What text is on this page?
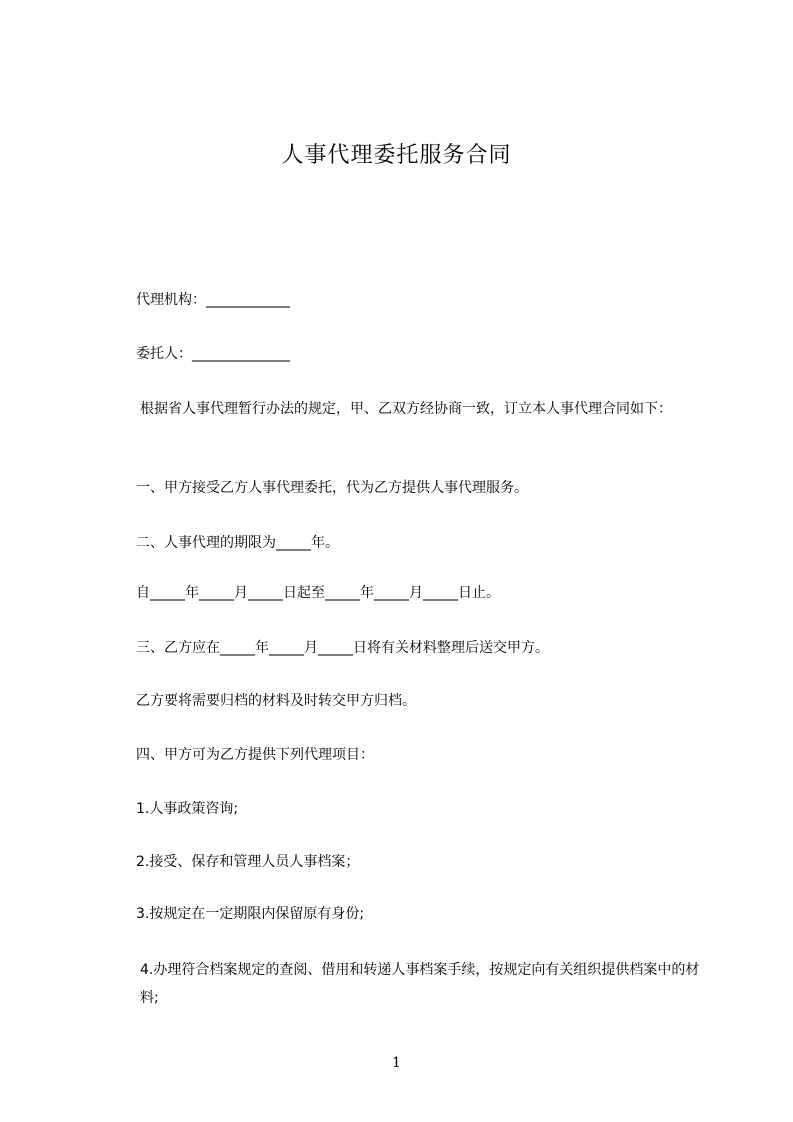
人事代理委托服务合同
代理机构：____________
委托人：______________
根据省人事代理暂行办法的规定，甲、乙双方经协商一致，订立本人事代理合同如下：
一、甲方接受乙方人事代理委托，代为乙方提供人事代理服务。
二、人事代理的期限为_____年。
自_____年_____月_____日起至_____年_____月_____日止。
三、乙方应在_____年_____月_____日将有关材料整理后送交甲方。
乙方要将需要归档的材料及时转交甲方归档。
四、甲方可为乙方提供下列代理项目：
1.人事政策咨询;
2.接受、保存和管理人员人事档案；
3.按规定在一定期限内保留原有身份;
4.办理符合档案规定的查阅、借用和转递人事档案手续，按规定向有关组织提供档案中的材料;
1
